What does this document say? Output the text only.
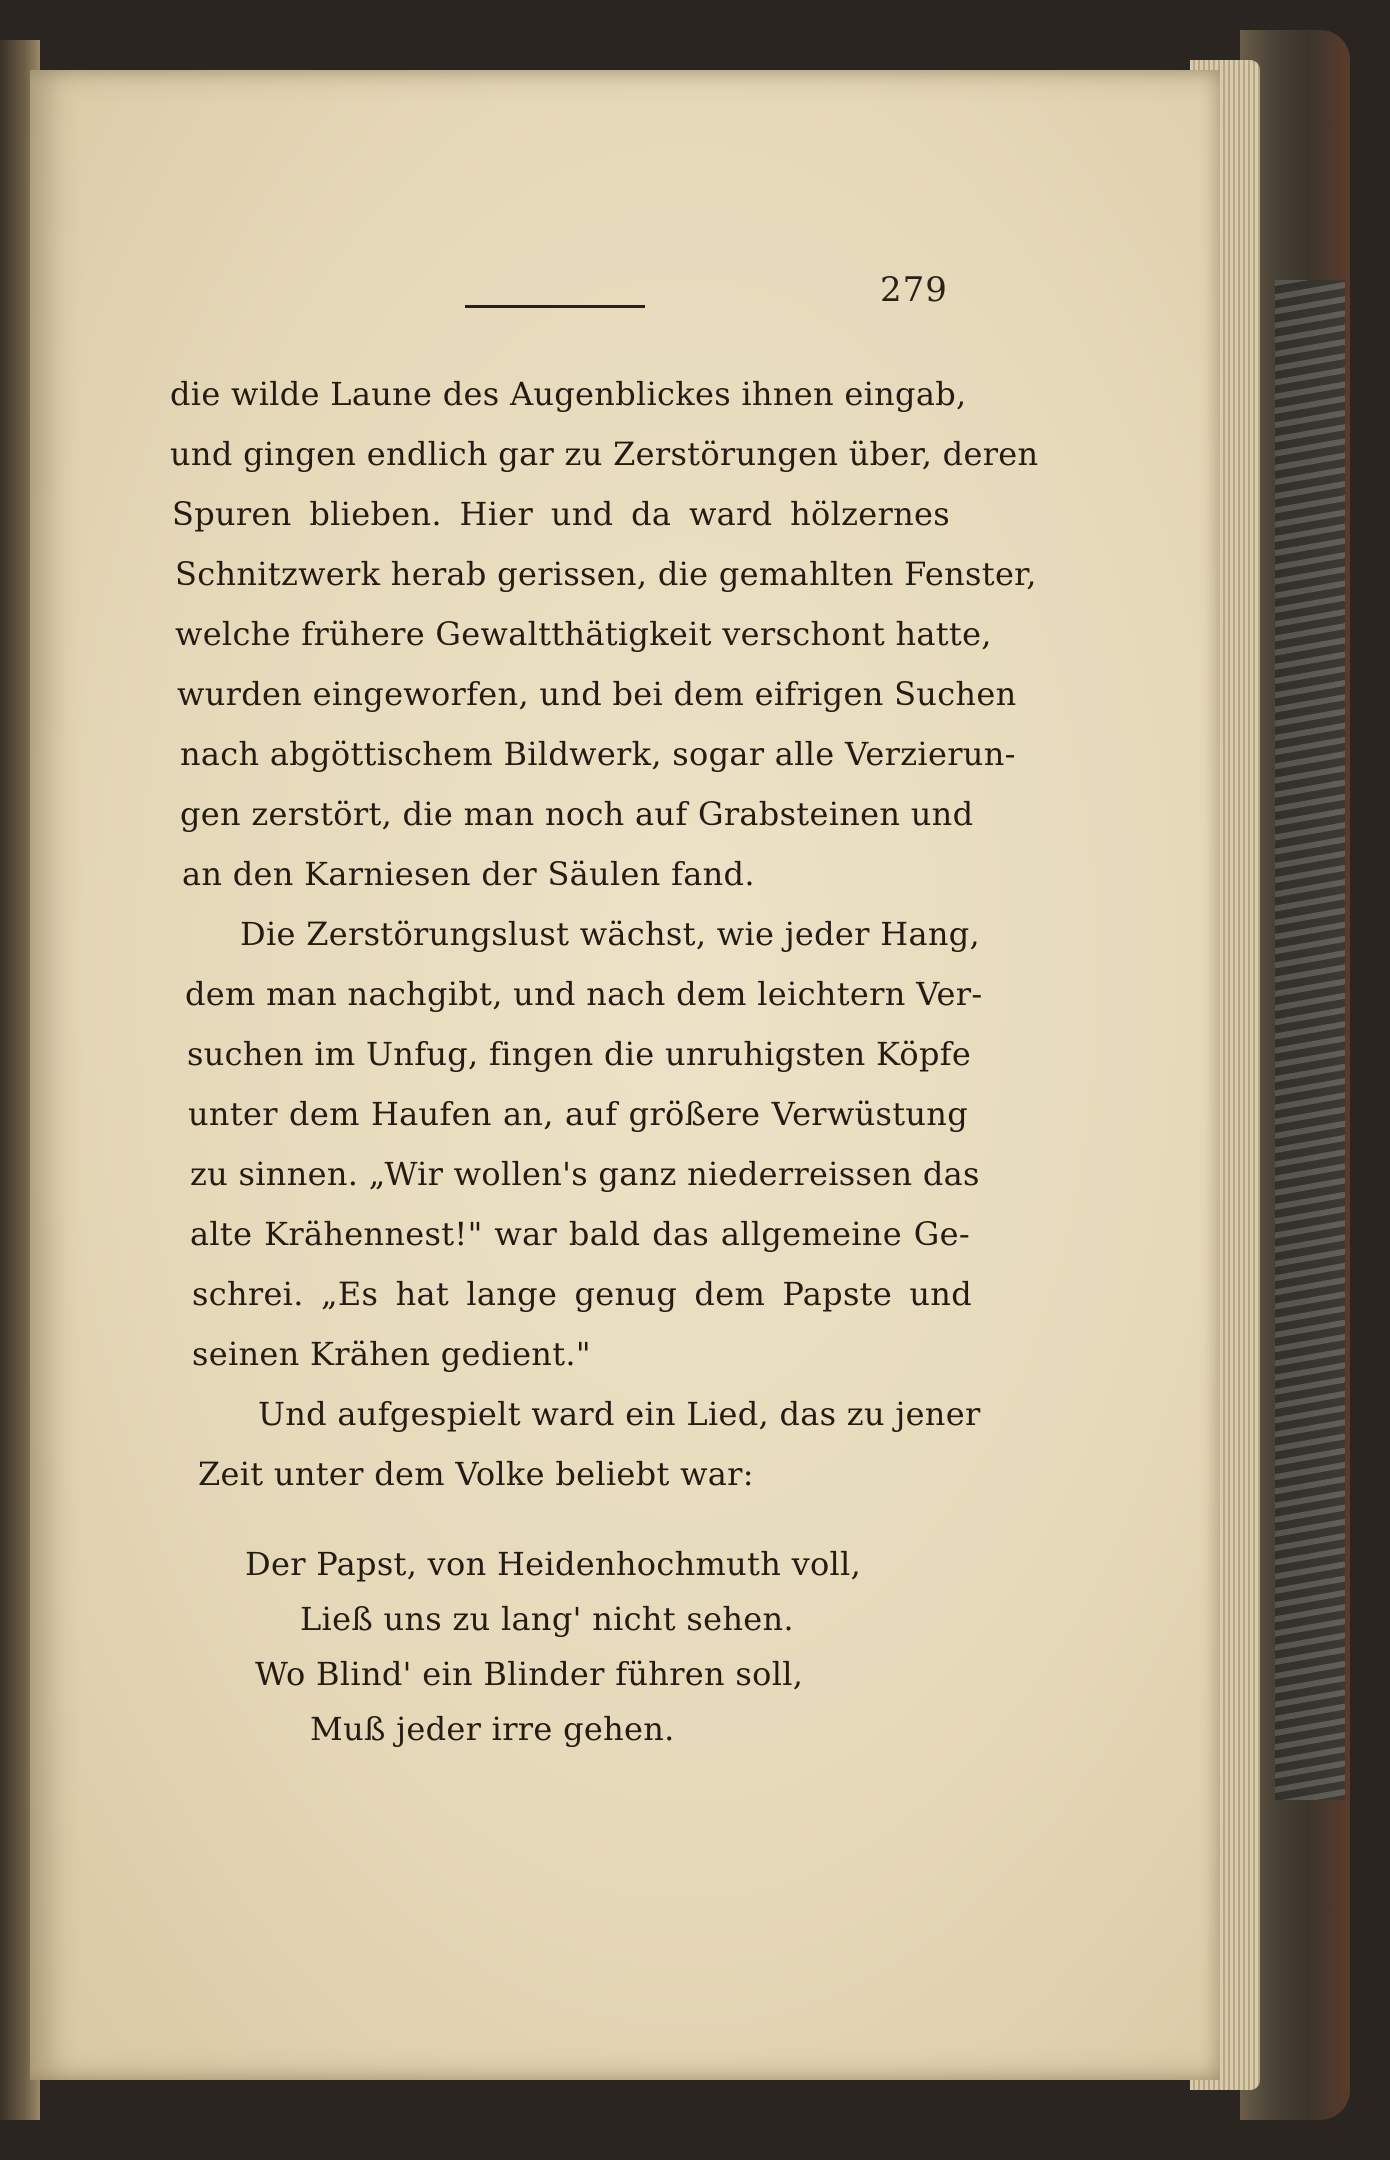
279
die wilde Laune des Augenblickes ihnen eingab,
und gingen endlich gar zu Zerstörungen über, deren
Spuren blieben. Hier und da ward hölzernes
Schnitzwerk herab gerissen, die gemahlten Fenster,
welche frühere Gewaltthätigkeit verschont hatte,
wurden eingeworfen, und bei dem eifrigen Suchen
nach abgöttischem Bildwerk, sogar alle Verzierun-
gen zerstört, die man noch auf Grabsteinen und
an den Karniesen der Säulen fand.
Die Zerstörungslust wächst, wie jeder Hang,
dem man nachgibt, und nach dem leichtern Ver-
suchen im Unfug, fingen die unruhigsten Köpfe
unter dem Haufen an, auf größere Verwüstung
zu sinnen. „Wir wollen's ganz niederreissen das
alte Krähennest!" war bald das allgemeine Ge-
schrei. „Es hat lange genug dem Papste und
seinen Krähen gedient."
Und aufgespielt ward ein Lied, das zu jener
Zeit unter dem Volke beliebt war:
Der Papst, von Heidenhochmuth voll,
Ließ uns zu lang' nicht sehen.
Wo Blind' ein Blinder führen soll,
Muß jeder irre gehen.
